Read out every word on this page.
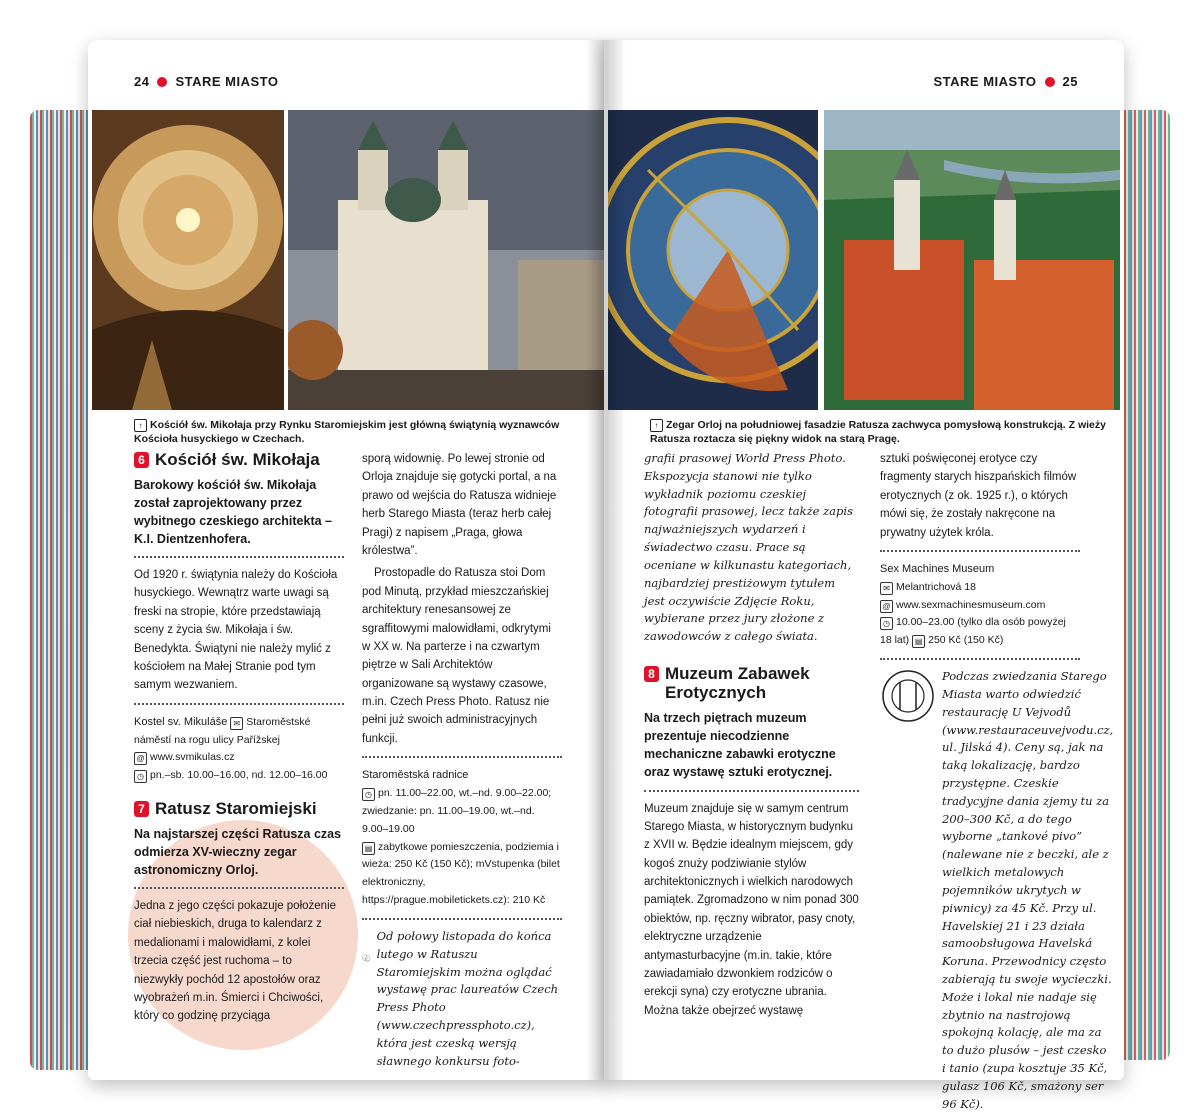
24 STARE MIASTO
↑ Kościół św. Mikołaja przy Rynku Staromiejskim jest główną świątynią wyznawców Kościoła husyckiego w Czechach.
6 Kościół św. Mikołaja
Barokowy kościół św. Mikołaja został zaprojektowany przez wybitnego czeskiego architekta – K.I. Dientzenhofera.

Od 1920 r. świątynia należy do Kościoła husyckiego. Wewnątrz warte uwagi są freski na stropie, które przedstawiają sceny z życia św. Mikołaja i św. Benedykta. Świątyni nie należy mylić z kościołem na Małej Stranie pod tym samym wezwaniem.

Kostel sv. Mikuláše ✉ Staroměstské náměstí na rogu ulicy Pařížskej
@ www.svmikulas.cz
◷ pn.–sb. 10.00–16.00, nd. 12.00–16.00
7 Ratusz Staromiejski
Na najstarszej części Ratusza czas odmierza XV-wieczny zegar astronomiczny Orloj.

Jedna z jego części pokazuje położenie ciał niebieskich, druga to kalendarz z medalionami i malowidłami, z kolei trzecia część jest ruchoma – to niezwykły pochód 12 apostołów oraz wyobrażeń m.in. Śmierci i Chciwości, który co godzinę przyciąga

sporą widownię. Po lewej stronie od Orloja znajduje się gotycki portal, a na prawo od wejścia do Ratusza widnieje herb Starego Miasta (teraz herb całej Pragi) z napisem „Praga, głowa królestwa”.

Prostopadle do Ratusza stoi Dom pod Minutą, przykład mieszczańskiej architektury renesansowej ze sgraffitowymi malowidłami, odkrytymi w XX w. Na parterze i na czwartym piętrze w Sali Architektów organizowane są wystawy czasowe, m.in. Czech Press Photo. Ratusz nie pełni już swoich administracyjnych funkcji.

Staroměstská radnice
◷ pn. 11.00–22.00, wt.–nd. 9.00–22.00; zwiedzanie: pn. 11.00–19.00, wt.–nd. 9.00–19.00
▤ zabytkowe pomieszczenia, podziemia i wieża: 250 Kč (150 Kč); mVstupenka (bilet elektroniczny, https://prague.mobiletickets.cz): 210 Kč
Od połowy listopada do końca lutego w Ratuszu Staromiejskim można oglądać wystawę prac laureatów Czech Press Photo (www.czechpressphoto.cz), która jest czeską wersją sławnego konkursu foto-
STARE MIASTO 25
↑ Zegar Orloj na południowej fasadzie Ratusza zachwyca pomysłową konstrukcją. Z wieży Ratusza roztacza się piękny widok na starą Pragę.
grafii prasowej World Press Photo. Ekspozycja stanowi nie tylko wykładnik poziomu czeskiej fotografii prasowej, lecz także zapis najważniejszych wydarzeń i świadectwo czasu. Prace są oceniane w kilkunastu kategoriach, najbardziej prestiżowym tytułem jest oczywiście Zdjęcie Roku, wybierane przez jury złożone z zawodowców z całego świata.
8 Muzeum Zabawek Erotycznych
Na trzech piętrach muzeum prezentuje niecodzienne mechaniczne zabawki erotyczne oraz wystawę sztuki erotycznej.

Muzeum znajduje się w samym centrum Starego Miasta, w historycznym budynku z XVII w. Będzie idealnym miejscem, gdy kogoś znuży podziwianie stylów architektonicznych i wielkich narodowych pamiątek. Zgromadzono w nim ponad 300 obiektów, np. ręczny wibrator, pasy cnoty, elektryczne urządzenie antymasturbacyjne (m.in. takie, które zawiadamiało dzwonkiem rodziców o erekcji syna) czy erotyczne ubrania. Można także obejrzeć wystawę

sztuki poświęconej erotyce czy fragmenty starych hiszpańskich filmów erotycznych (z ok. 1925 r.), o których mówi się, że zostały nakręcone na prywatny użytek króla.

Sex Machines Museum
✉ Melantrichová 18
@ www.sexmachinesmuseum.com
◷ 10.00–23.00 (tylko dla osób powyżej 18 lat) ▤ 250 Kč (150 Kč)
Podczas zwiedzania Starego Miasta warto odwiedzić restaurację U Vejvodů (www.restauraceuvejvodu.cz, ul. Jilská 4). Ceny są, jak na taką lokalizację, bardzo przystępne. Czeskie tradycyjne dania zjemy tu za 200–300 Kč, a do tego wyborne „tankové pivo” (nalewane nie z beczki, ale z wielkich metalowych pojemników ukrytych w piwnicy) za 45 Kč. Przy ul. Havelskiej 21 i 23 działa samoobsługowa Havelská Koruna. Przewodnicy często zabierają tu swoje wycieczki. Może i lokal nie nadaje się zbytnio na nastrojową spokojną kolację, ale ma za to dużo plusów – jest czesko i tanio (zupa kosztuje 35 Kč, gulasz 106 Kč, smażony ser 96 Kč).
